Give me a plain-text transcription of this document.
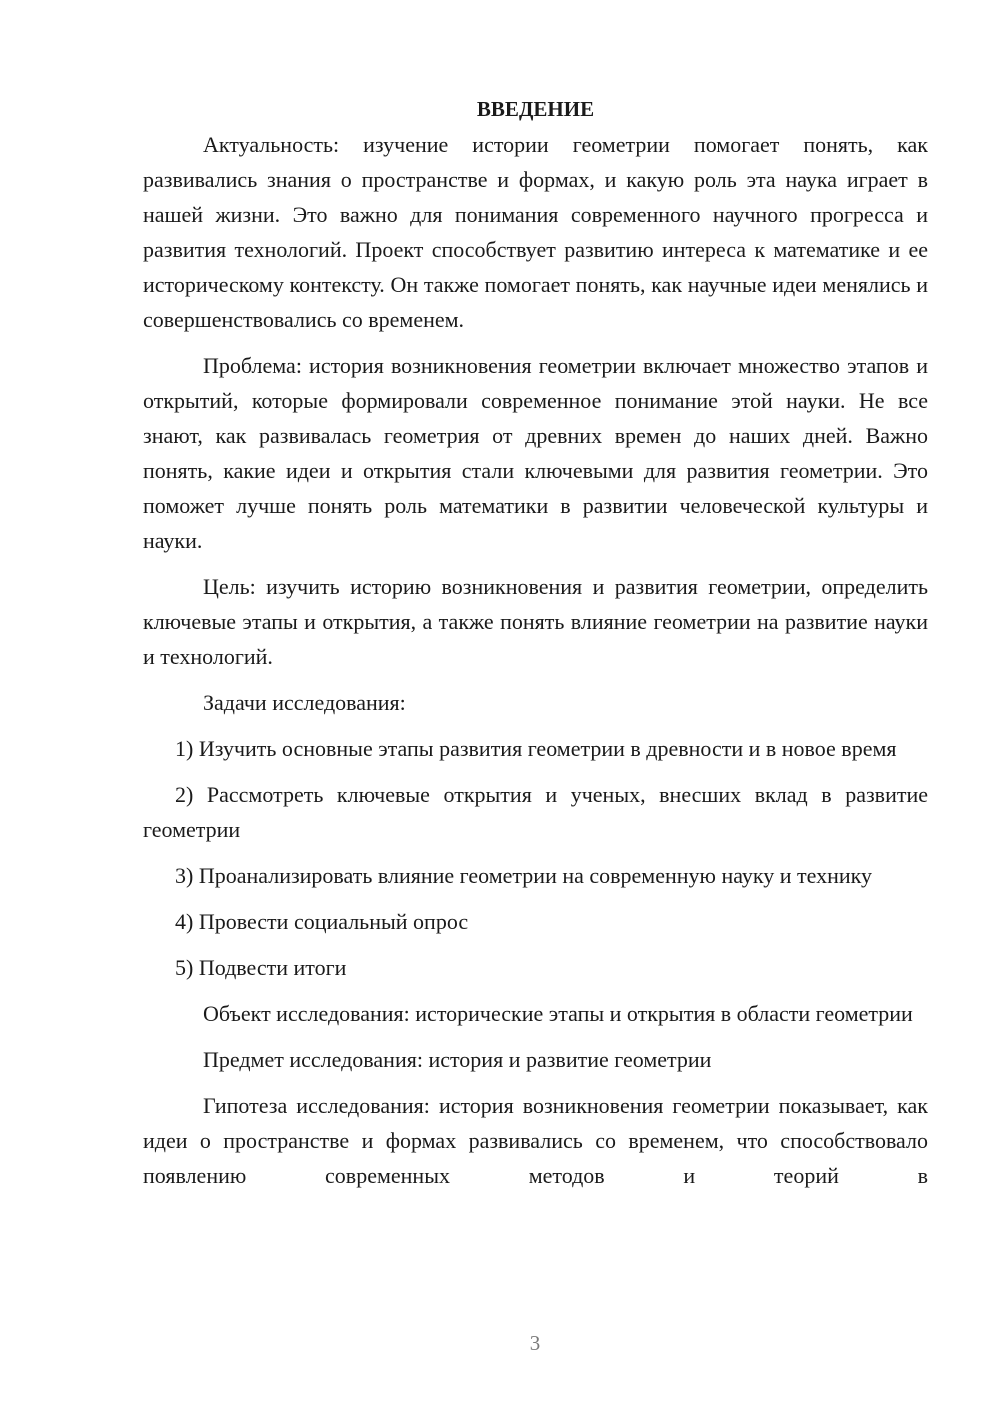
ВВЕДЕНИЕ

Актуальность: изучение истории геометрии помогает понять, как развивались знания о пространстве и формах, и какую роль эта наука играет в нашей жизни. Это важно для понимания современного научного прогресса и развития технологий. Проект способствует развитию интереса к математике и ее историческому контексту. Он также помогает понять, как научные идеи менялись и совершенствовались со временем.

Проблема: история возникновения геометрии включает множество этапов и открытий, которые формировали современное понимание этой науки. Не все знают, как развивалась геометрия от древних времен до наших дней. Важно понять, какие идеи и открытия стали ключевыми для развития геометрии. Это поможет лучше понять роль математики в развитии человеческой культуры и науки.

Цель: изучить историю возникновения и развития геометрии, определить ключевые этапы и открытия, а также понять влияние геометрии на развитие науки и технологий.

Задачи исследования:

1) Изучить основные этапы развития геометрии в древности и в новое время

2) Рассмотреть ключевые открытия и ученых, внесших вклад в развитие геометрии

3) Проанализировать влияние геометрии на современную науку и технику

4) Провести социальный опрос

5) Подвести итоги

Объект исследования: исторические этапы и открытия в области геометрии

Предмет исследования: история и развитие геометрии

Гипотеза исследования: история возникновения геометрии показывает, как идеи о пространстве и формах развивались со временем, что способствовало появлению современных методов и теорий в

3
